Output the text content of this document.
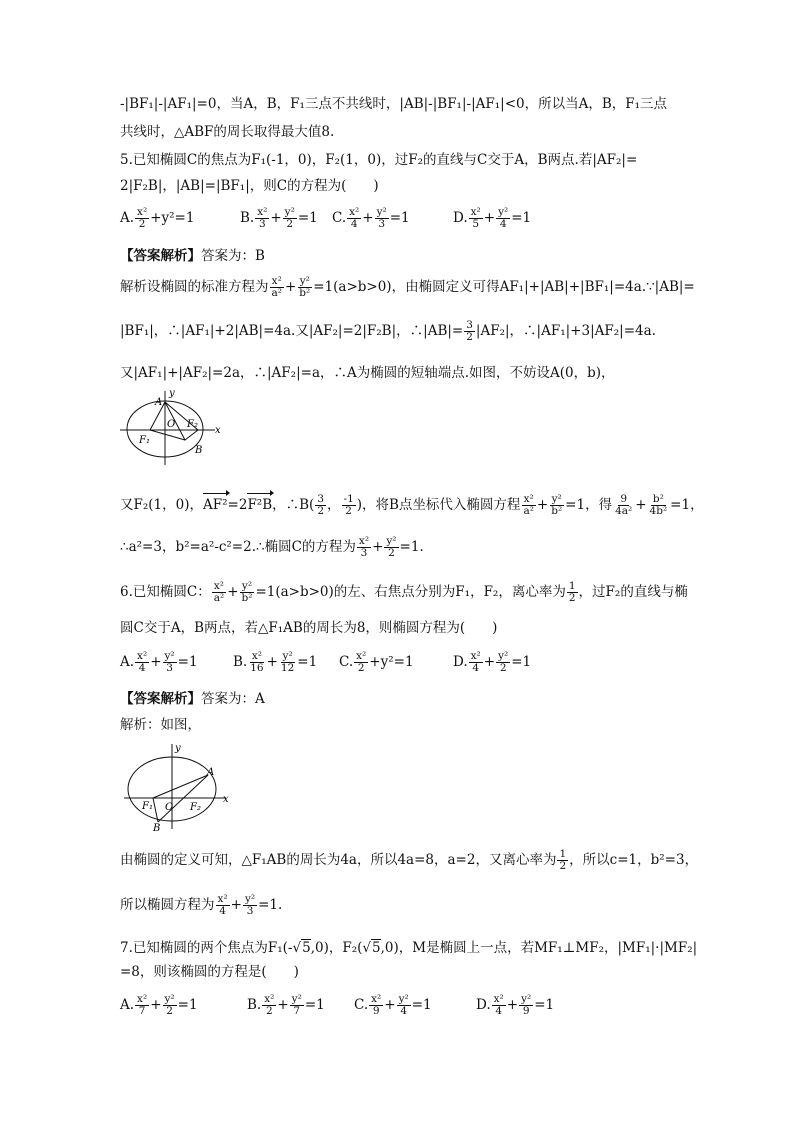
-|BF₁|-|AF₁|=0，当A，B，F₁三点不共线时，|AB|-|BF₁|-|AF₁|<0，所以当A，B，F₁三点
共线时，△ABF的周长取得最大值8.
5.已知椭圆C的焦点为F₁(-1，0)，F₂(1，0)，过F₂的直线与C交于A，B两点.若|AF₂|=
2|F₂B|，|AB|=|BF₁|，则C的方程为(　　)
A. $\frac{\text{x²}}{2} +y^2=1$	B. $\frac{\text{x²}}{3} + \frac{\text{y²}}{2} =1$ C. $\frac{\text{x²}}{4} + \frac{\text{y²}}{3} =1$	D. $\frac{\text{x²}}{5} + \frac{\text{y²}}{4} =1$
【答案解析】答案为：B
解析设椭圆的标准方程为 $\frac{\text{x²}}{\text{a²}} + \frac{\text{y²}}{\text{b²}} =1(a>b>0)$，由椭圆定义可得AF₁|+|AB|+|BF₁|=4a.∵|AB|=
|BF₁|，∴|AF₁|+2|AB|=4a.又|AF₂|=2|F₂B|，∴|AB|= $\frac{3}{2} |AF_2|$，∴|AF₁|+3|AF₂|=4a.
又|AF₁|+|AF₂|=2a，∴|AF₂|=a，∴A为椭圆的短轴端点.如图，不妨设A(0，b)，
A
y
O F₂
F₁
B
x
又F₂(1，0)，AF²=2F²B，∴B( $\frac{3}{2}$ ， $\frac{-1}{2}$ )，将B点坐标代入椭圆方程 $\frac{\text{x²}}{\text{a²}} + \frac{\text{y²}}{\text{b²}} =1$，得 $\frac{9}{\text{4a²}} + \frac{\text{b²}}{\text{4b²}} =1$，
∴a²=3，b²=a²-c²=2.∴椭圆C的方程为 $\frac{\text{x²}}{3} + \frac{\text{y²}}{2} =1$.
6.已知椭圆C： $\frac{\text{x²}}{\text{a²}} + \frac{\text{y²}}{\text{b²}} =1(a>b>0)$的左、右焦点分别为F₁，F₂，离心率为 $\frac{1}{2}$ ，过F₂的直线与椭
圆C交于A，B两点，若△F₁AB的周长为8，则椭圆方程为(　　)
A. $\frac{\text{x²}}{4} + \frac{\text{y²}}{3} =1$	B. $\frac{\text{x²}}{16} + \frac{\text{y²}}{12} =1$ C. $\frac{\text{x²}}{2} +y^2=1$	D. $\frac{\text{x²}}{4} + \frac{\text{y²}}{2} =1$
【答案解析】答案为：A
解析：如图，
y
A
F₁ O F₂
x
B
由椭圆的定义可知，△F₁AB的周长为4a，所以4a=8，a=2，又离心率为 $\frac{1}{2}$ ，所以c=1，b²=3，
所以椭圆方程为 $\frac{\text{x²}}{4} + \frac{\text{y²}}{3} =1$.
7.已知椭圆的两个焦点为F₁(-√5,0)，F₂(√5,0)，M是椭圆上一点，若MF₁⊥MF₂，|MF₁|·|MF₂|
=8，则该椭圆的方程是(　　)
A. $\frac{\text{x²}}{7} + \frac{\text{y²}}{2} =1$	B. $\frac{\text{x²}}{2} + \frac{\text{y²}}{7} =1$ C. $\frac{\text{x²}}{9} + \frac{\text{y²}}{4} =1$	D. $\frac{\text{x²}}{4} + \frac{\text{y²}}{9} =1$
